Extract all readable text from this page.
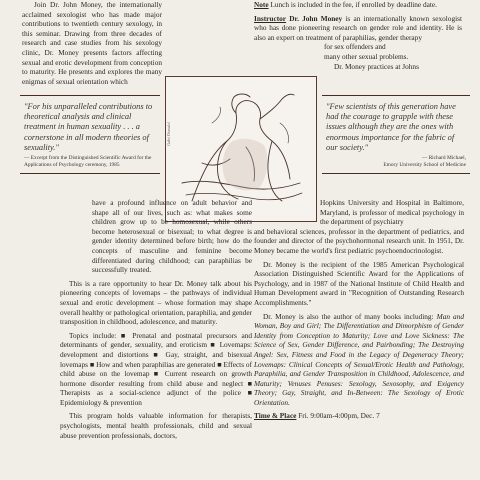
Join Dr. John Money, the internationally acclaimed sexologist who has made major contributions to twentieth century sexology, in this seminar. Drawing from three decades of research and case studies from his sexology clinic, Dr. Money presents factors affecting sexual and erotic development from conception to maturity. He presents and explores the many enigmas of sexual orientation which

Note Lunch is included in the fee, if enrolled by deadline date.

Instructor Dr. John Money is an internationally known sexologist who has done pioneering research on gender role and identity. He is also an expert on treatment of paraphilias, gender therapy

for sex offenders and
many other sexual problems.
Dr. Money practices at Johns
"For his unparalleled contributions to theoretical analysis and clinical treatment in human sexuality . . . a cornerstone in all modern theories of sexuality."
— Excerpt from the Distinguished Scientific Award for the Applications of Psychology ceremony, 1985
"Few scientists of this generation have had the courage to grapple with these issues although they are the ones with enormous importance for the fabric of our society."
— Richard Michael,
Emory University School of Medicine

have a profound influence on adult behavior and shape all of our lives, such as: what makes some children grow up to be homosexual, while others become heterosexual or bisexual; to what degree is gender identity determined before birth; how do the concepts of masculine and feminine become differentiated during childhood; can paraphilias be successfully treated.

This is a rare opportunity to hear Dr. Money talk about his pioneering concepts of lovemaps – the pathways of individual sexual and erotic development – whose formation may shape overall healthy or pathological orientation, paraphilia, and gender transposition in childhood, adolescence, and maturity.

Topics include: ■ Prenatal and postnatal precursors and determinants of gender, sexuality, and eroticism ■ Lovemaps: development and distortions ■ Gay, straight, and bisexual lovemaps ■ How and when paraphilias are generated ■ Effects of child abuse on the lovemap ■ Current research on growth hormone disorder resulting from child abuse and neglect ■ Therapists as a social-science adjunct of the police ■ Epidemiology & prevention

This program holds valuable information for therapists, psychologists, mental health professionals, child and sexual abuse prevention professionals, doctors,

Hopkins University and Hospital in Baltimore, Maryland, is professor of medical psychology in the department of psychiatry

and behavioral sciences, professor in the department of pediatrics, and founder and director of the psychohormonal research unit. In 1951, Dr. Money became the world's first pediatric psychoendocrinologist.

Dr. Money is the recipient of the 1985 American Psychological Association Distinguished Scientific Award for the Applications of Psychology, and in 1987 of the National Institute of Child Health and Human Development award in "Recognition of Outstanding Research Accomplishments."

Dr. Money is also the author of many books including: Man and Woman, Boy and Girl; The Differentiation and Dimorphism of Gender Identity from Conception to Maturity; Love and Love Sickness: The Science of Sex, Gender Difference, and Pairbonding; The Destroying Angel: Sex, Fitness and Food in the Legacy of Degeneracy Theory; Lovemaps: Clinical Concepts of Sexual/Erotic Health and Pathology, Paraphilia, and Gender Transposition in Childhood, Adolescence, and Maturity; Venuses Penuses: Sexology, Sexosophy, and Exigency Theory; Gay, Straight, and In-Between: The Sexology of Erotic Orientation.

Time & Place Fri. 9:00am-4:00pm, Dec. 7
